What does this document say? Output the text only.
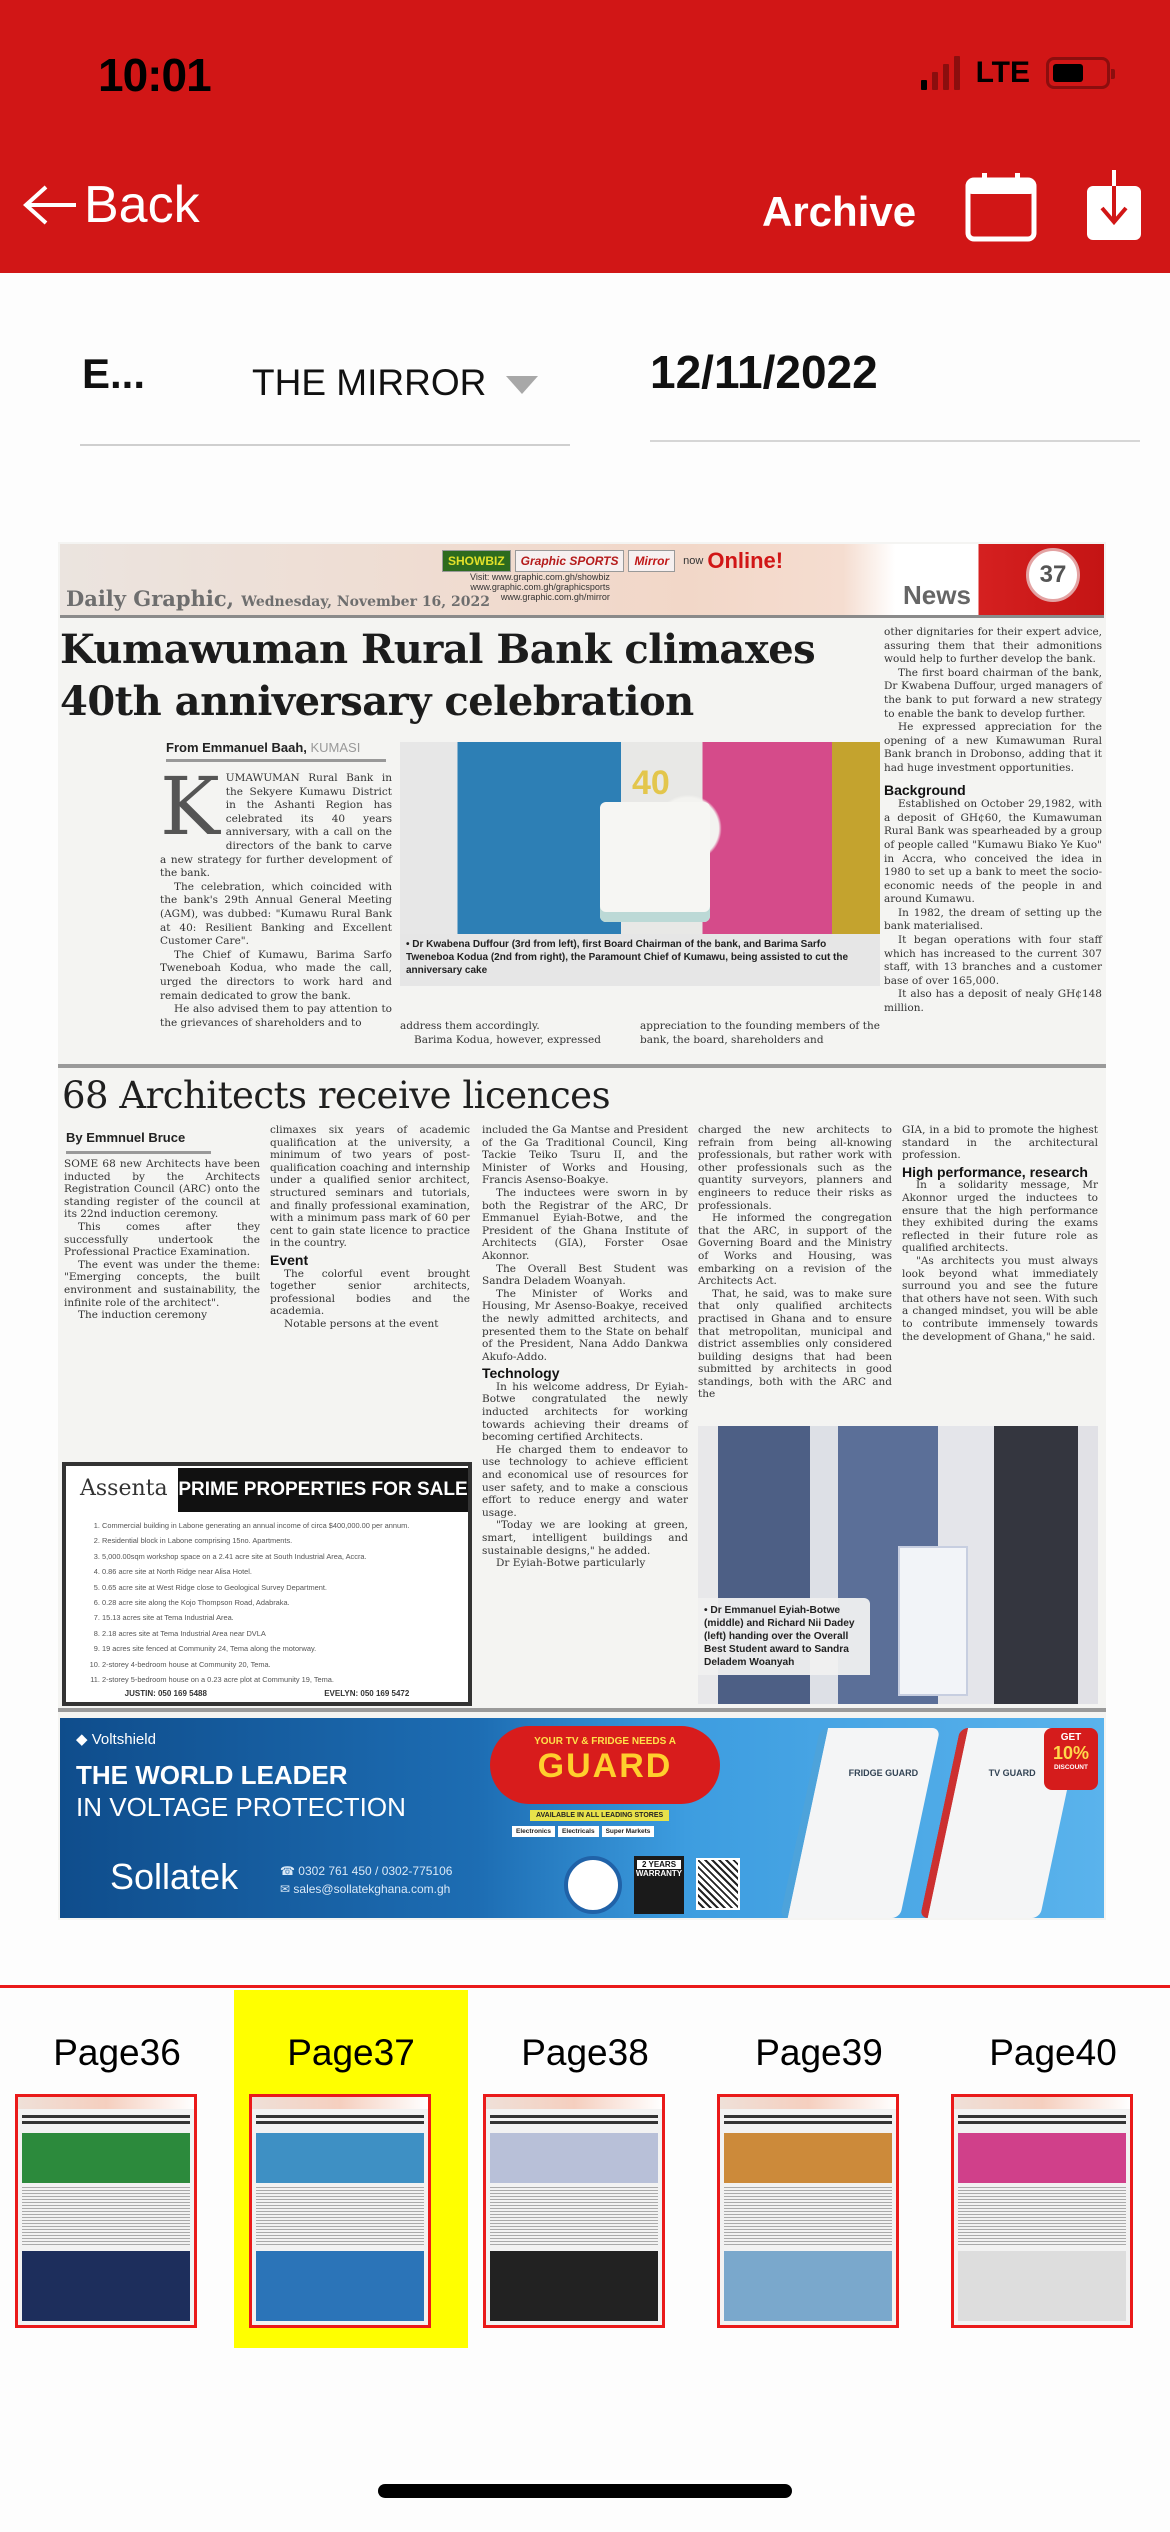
10:01	LTE
Back	Archive
E...	THE MIRROR	12/11/2022
Daily Graphic, Wednesday, November 16, 2022
SHOWBIZ	Graphic SPORTS	Mirror	now Online!
Visit: www.graphic.com.gh/showbiz
www.graphic.com.gh/graphicsports
www.graphic.com.gh/mirror	News
37
Kumawuman Rural Bank climaxes 40th anniversary celebration
From Emmanuel Baah, KUMASI

KUMAWUMAN Rural Bank in the Sekyere Kumawu District in the Ashanti Region has celebrated its 40 years anniversary, with a call on the directors of the bank to carve a new strategy for further development of the bank.

The celebration, which coincided with the bank's 29th Annual General Meeting (AGM), was dubbed: "Kumawu Rural Bank at 40: Resilient Banking and Excellent Customer Care".

The Chief of Kumawu, Barima Sarfo Tweneboah Kodua, who made the call, urged the directors to work hard and remain dedicated to grow the bank.

He also advised them to pay attention to the grievances of shareholders and to

40
• Dr Kwabena Duffour (3rd from left), first Board Chairman of the bank, and Barima Sarfo Tweneboa Kodua (2nd from right), the Paramount Chief of Kumawu, being assisted to cut the anniversary cake

address them accordingly.

Barima Kodua, however, expressed

appreciation to the founding members of the bank, the board, shareholders and

other dignitaries for their expert advice, assuring them that their admonitions would help to further develop the bank.

The first board chairman of the bank, Dr Kwabena Duffour, urged managers of the bank to put forward a new strategy to enable the bank to develop further.

He expressed appreciation for the opening of a new Kumawuman Rural Bank branch in Drobonso, adding that it had huge investment opportunities.

Background

Established on October 29,1982, with a deposit of GH¢60, the Kumawuman Rural Bank was spearheaded by a group of people called "Kumawu Biako Ye Kuo" in Accra, who conceived the idea in 1980 to set up a bank to meet the socio-economic needs of the people in and around Kumawu.

In 1982, the dream of setting up the bank materialised.

It began operations with four staff which has increased to the current 307 staff, with 13 branches and a customer base of over 165,000.

It also has a deposit of nealy GH¢148 million.

68 Architects receive licences
By Emmnuel Bruce

SOME 68 new Architects have been inducted by the Architects Registration Council (ARC) onto the standing register of the council at its 22nd induction ceremony.

This comes after they successfully undertook the Professional Practice Examination.

The event was under the theme: "Emerging concepts, the built environment and sustainability, the infinite role of the architect".

The induction ceremony

climaxes six years of academic qualification at the university, a minimum of two years of post-qualification coaching and internship under a qualified senior architect, structured seminars and tutorials, and finally professional examination, with a minimum pass mark of 60 per cent to gain state licence to practice in the country.

Event

The colorful event brought together senior architects, professional bodies and the academia.

Notable persons at the event

included the Ga Mantse and President of the Ga Traditional Council, King Tackie Teiko Tsuru II, and the Minister of Works and Housing, Francis Asenso-Boakye.

The inductees were sworn in by both the Registrar of the ARC, Dr Emmanuel Eyiah-Botwe, and the President of the Ghana Institute of Architects (GIA), Forster Osae Akonnor.

The Overall Best Student was Sandra Deladem Woanyah.

The Minister of Works and Housing, Mr Asenso-Boakye, received the newly admitted architects, and presented them to the State on behalf of the President, Nana Addo Dankwa Akufo-Addo.

Technology

In his welcome address, Dr Eyiah-Botwe congratulated the newly inducted architects for working towards achieving their dreams of becoming certified Architects.

He charged them to endeavor to use technology to achieve efficient and economical use of resources for user safety, and to make a conscious effort to reduce energy and water usage.

"Today we are looking at green, smart, intelligent buildings and sustainable designs," he added.

Dr Eyiah-Botwe particularly

charged the new architects to refrain from being all-knowing professionals, but rather work with other professionals such as the quantity surveyors, planners and engineers to reduce their risks as professionals.

He informed the congregation that the ARC, in support of the Governing Board and the Ministry of Works and Housing, was embarking on a revision of the Architects Act.

That, he said, was to make sure that only qualified architects practised in Ghana and to ensure that metropolitan, municipal and district assemblies only considered building designs that had been submitted by architects in good standings, both with the ARC and the

GIA, in a bid to promote the highest standard in the architectural profession.

High performance, research

In a solidarity message, Mr Akonnor urged the inductees to ensure that the high performance they exhibited during the exams reflected in their future role as qualified architects.

"As architects you must always look beyond what immediately surround you and see the future that others have not seen. With such a changed mindset, you will be able to contribute immensely towards the development of Ghana," he said.

Assenta PRIME PROPERTIES FOR SALE
1. Commercial building in Labone generating an annual income of circa $400,000.00 per annum.
2. Residential block in Labone comprising 15no. Apartments.
3. 5,000.00sqm workshop space on a 2.41 acre site at South Industrial Area, Accra.
4. 0.86 acre site at North Ridge near Alisa Hotel.
5. 0.65 acre site at West Ridge close to Geological Survey Department.
6. 0.28 acre site along the Kojo Thompson Road, Adabraka.
7. 15.13 acres site at Tema Industrial Area.
8. 2.18 acres site at Tema Industrial Area near DVLA
9. 19 acres site fenced at Community 24, Tema along the motorway.
10. 2-storey 4-bedroom house at Community 20, Tema.
11. 2-storey 5-bedroom house on a 0.23 acre plot at Community 19, Tema.
JUSTIN: 050 169 5488	EVELYN: 050 169 5472
• Dr Emmanuel Eyiah-Botwe (middle) and Richard Nii Dadey (left) handing over the Overall Best Student award to Sandra Deladem Woanyah
◆ Voltshield
THE WORLD LEADER
IN VOLTAGE PROTECTION
Sollatek	☎ 0302 761 450 / 0302-775106
✉ sales@sollatekghana.com.gh
YOUR TV & FRIDGE NEEDS A
GUARD
AVAILABLE IN ALL LEADING STORES
Electronics	Electricals	Super Markets
2 YEARS
WARRANTY
FRIDGE GUARD	TV GUARD
GET
10%
DISCOUNT
Page36	Page37	Page38	Page39	Page40
